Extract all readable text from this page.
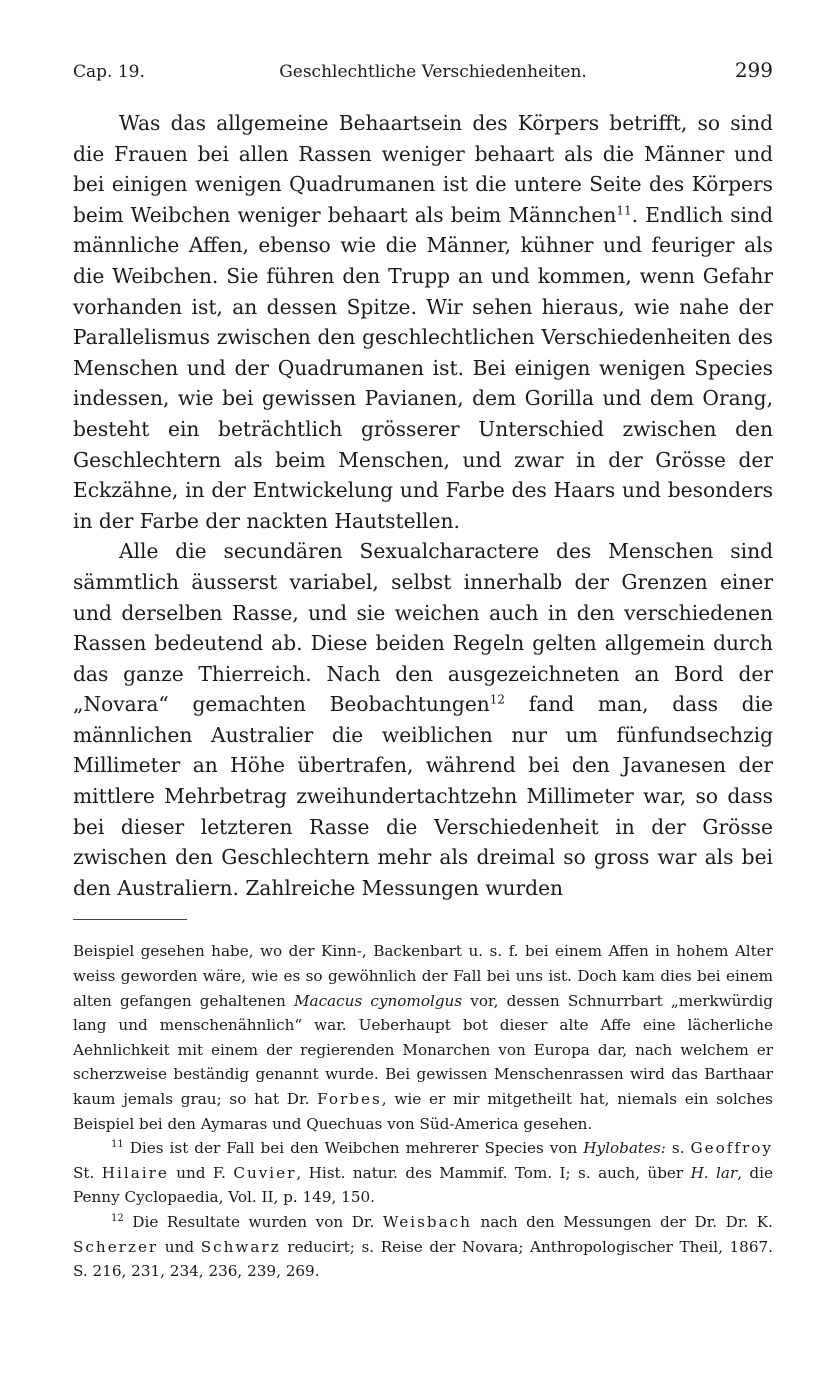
Cap. 19.	Geschlechtliche Verschiedenheiten.	299

Was das allgemeine Behaartsein des Körpers betrifft, so sind die Frauen bei allen Rassen weniger behaart als die Männer und bei einigen wenigen Quadrumanen ist die untere Seite des Körpers beim Weibchen weniger behaart als beim Männchen$^{11}$. Endlich sind männliche Affen, ebenso wie die Männer, kühner und feuriger als die Weibchen. Sie führen den Trupp an und kommen, wenn Gefahr vorhanden ist, an dessen Spitze. Wir sehen hieraus, wie nahe der Parallelismus zwischen den geschlechtlichen Verschiedenheiten des Menschen und der Quadrumanen ist. Bei einigen wenigen Species indessen, wie bei gewissen Pavianen, dem Gorilla und dem Orang, besteht ein beträchtlich grösserer Unterschied zwischen den Geschlechtern als beim Menschen, und zwar in der Grösse der Eckzähne, in der Entwickelung und Farbe des Haars und besonders in der Farbe der nackten Hautstellen.

Alle die secundären Sexualcharactere des Menschen sind sämmtlich äusserst variabel, selbst innerhalb der Grenzen einer und derselben Rasse, und sie weichen auch in den verschiedenen Rassen bedeutend ab. Diese beiden Regeln gelten allgemein durch das ganze Thierreich. Nach den ausgezeichneten an Bord der „Novara“ gemachten Beobachtungen$^{12}$ fand man, dass die männlichen Australier die weiblichen nur um fünfundsechzig Millimeter an Höhe übertrafen, während bei den Javanesen der mittlere Mehrbetrag zweihundertachtzehn Millimeter war, so dass bei dieser letzteren Rasse die Verschiedenheit in der Grösse zwischen den Geschlechtern mehr als dreimal so gross war als bei den Australiern. Zahlreiche Messungen wurden

Beispiel gesehen habe, wo der Kinn-, Backenbart u. s. f. bei einem Affen in hohem Alter weiss geworden wäre, wie es so gewöhnlich der Fall bei uns ist. Doch kam dies bei einem alten gefangen gehaltenen Macacus cynomolgus vor, dessen Schnurrbart „merkwürdig lang und menschenähnlich“ war. Ueberhaupt bot dieser alte Affe eine lächerliche Aehnlichkeit mit einem der regierenden Monarchen von Europa dar, nach welchem er scherzweise beständig genannt wurde. Bei gewissen Menschenrassen wird das Barthaar kaum jemals grau; so hat Dr. Forbes, wie er mir mitgetheilt hat, niemals ein solches Beispiel bei den Aymaras und Quechuas von Süd-America gesehen.

$^{11}$ Dies ist der Fall bei den Weibchen mehrerer Species von Hylobates: s. Geoffroy St. Hilaire und F. Cuvier, Hist. natur. des Mammif. Tom. I; s. auch, über H. lar, die Penny Cyclopaedia, Vol. II, p. 149, 150.

$^{12}$ Die Resultate wurden von Dr. Weisbach nach den Messungen der Dr. Dr. K. Scherzer und Schwarz reducirt; s. Reise der Novara; Anthropologischer Theil, 1867. S. 216, 231, 234, 236, 239, 269.
